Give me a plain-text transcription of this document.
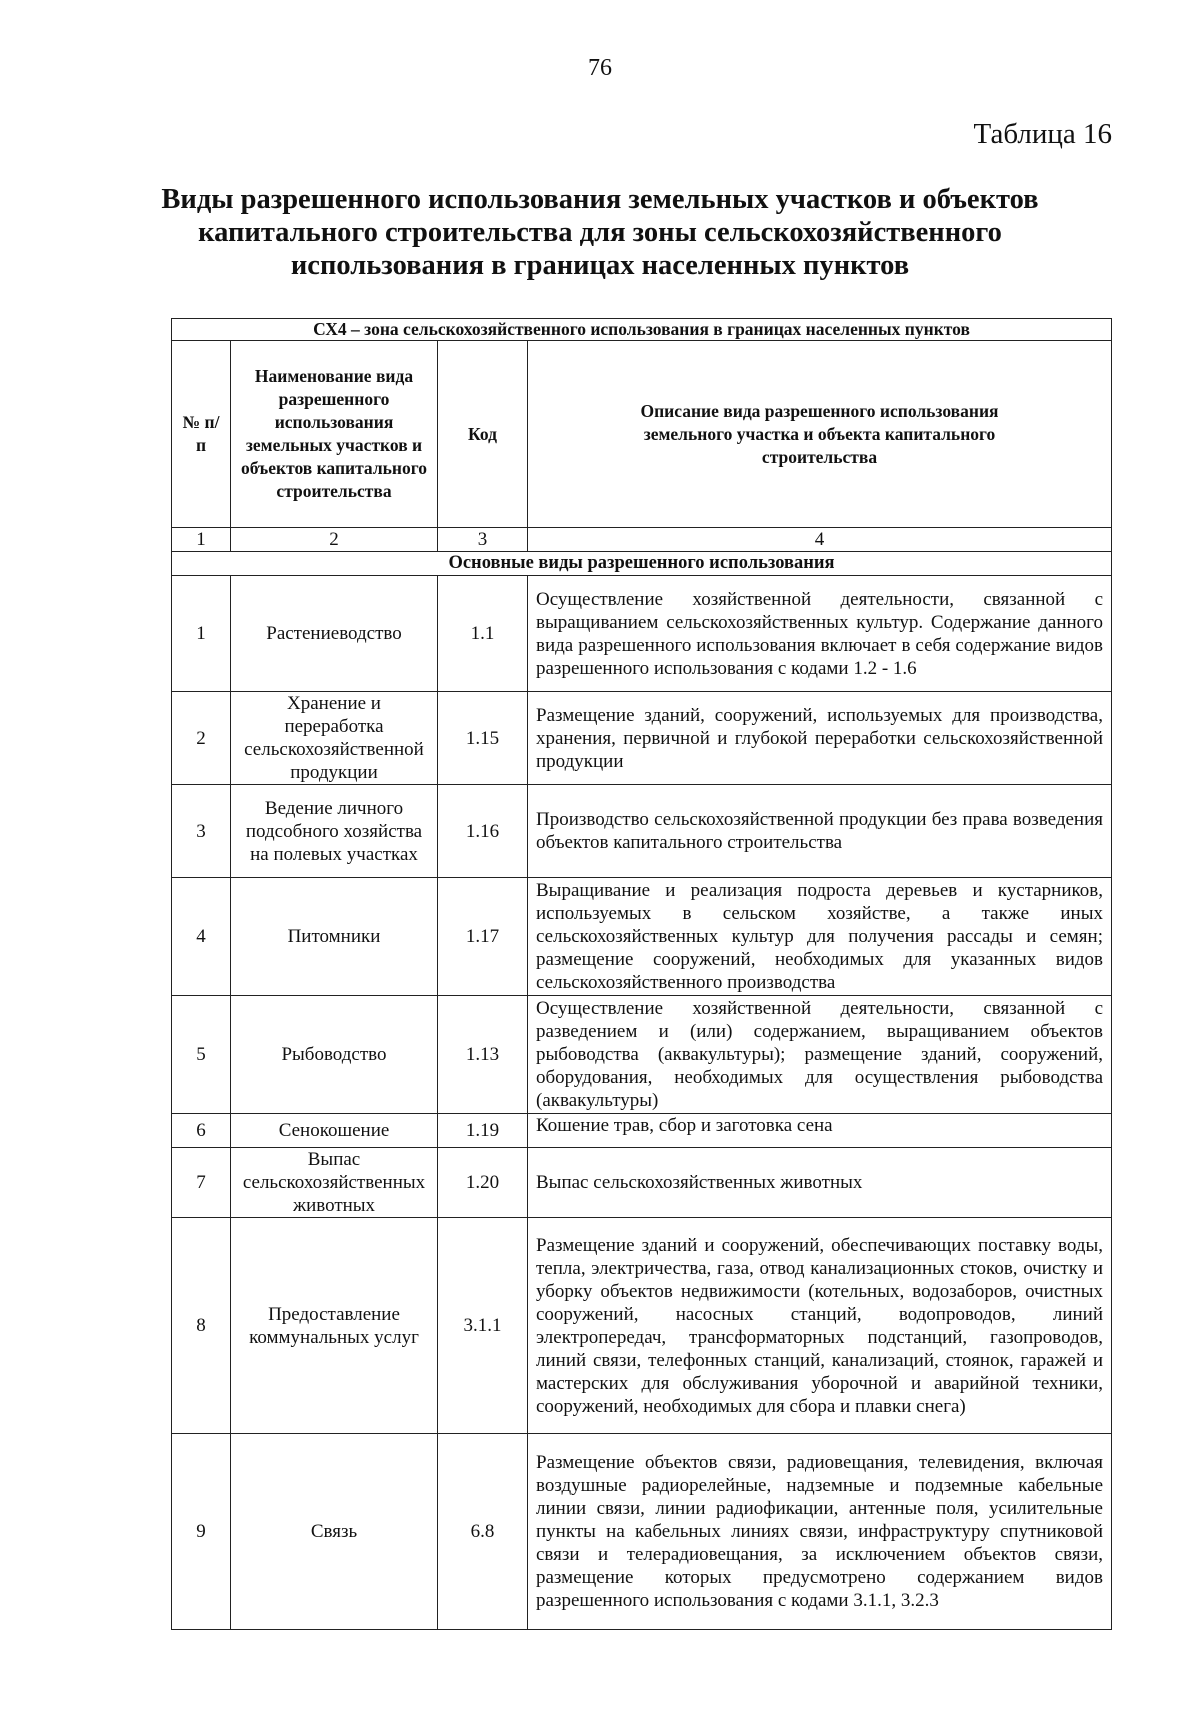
76
Таблица 16
Виды разрешенного использования земельных участков и объектов
капитального строительства для зоны сельскохозяйственного
использования в границах населенных пунктов
СХ4 – зона сельскохозяйственного использования в границах населенных пунктов			
№ п/п	Наименование вида разрешенного использования земельных участков и объектов капитального строительства	Код	Описание вида разрешенного использования земельного участка и объекта капитального строительства
1	2	3	4
Основные виды разрешенного использования			
1	Растениеводство	1.1	Осуществление хозяйственной деятельности, связанной с выращиванием сельскохозяйственных культур. Содержание данного вида разрешенного использования включает в себя содержание видов разрешенного использования с кодами 1.2 - 1.6
2	Хранение и переработка сельскохозяйственной продукции	1.15	Размещение зданий, сооружений, используемых для производства, хранения, первичной и глубокой переработки сельскохозяйственной продукции
3	Ведение личного подсобного хозяйства на полевых участках	1.16	Производство сельскохозяйственной продукции без права возведения объектов капитального строительства
4	Питомники	1.17	Выращивание и реализация подроста деревьев и кустарников, используемых в сельском хозяйстве, а также иных сельскохозяйственных культур для получения рассады и семян; размещение сооружений, необходимых для указанных видов сельскохозяйственного производства
5	Рыбоводство	1.13	Осуществление хозяйственной деятельности, связанной с разведением и (или) содержанием, выращиванием объектов рыбоводства (аквакультуры); размещение зданий, сооружений, оборудования, необходимых для осуществления рыбоводства (аквакультуры)
6	Сенокошение	1.19	Кошение трав, сбор и заготовка сена
7	Выпас сельскохозяйственных животных	1.20	Выпас сельскохозяйственных животных
8	Предоставление коммунальных услуг	3.1.1	Размещение зданий и сооружений, обеспечивающих поставку воды, тепла, электричества, газа, отвод канализационных стоков, очистку и уборку объектов недвижимости (котельных, водозаборов, очистных сооружений, насосных станций, водопроводов, линий электропередач, трансформаторных подстанций, газопроводов, линий связи, телефонных станций, канализаций, стоянок, гаражей и мастерских для обслуживания уборочной и аварийной техники, сооружений, необходимых для сбора и плавки снега)
9	Связь	6.8	Размещение объектов связи, радиовещания, телевидения, включая воздушные радиорелейные, надземные и подземные кабельные линии связи, линии радиофикации, антенные поля, усилительные пункты на кабельных линиях связи, инфраструктуру спутниковой связи и телерадиовещания, за исключением объектов связи, размещение которых предусмотрено содержанием видов разрешенного использования с кодами 3.1.1, 3.2.3
